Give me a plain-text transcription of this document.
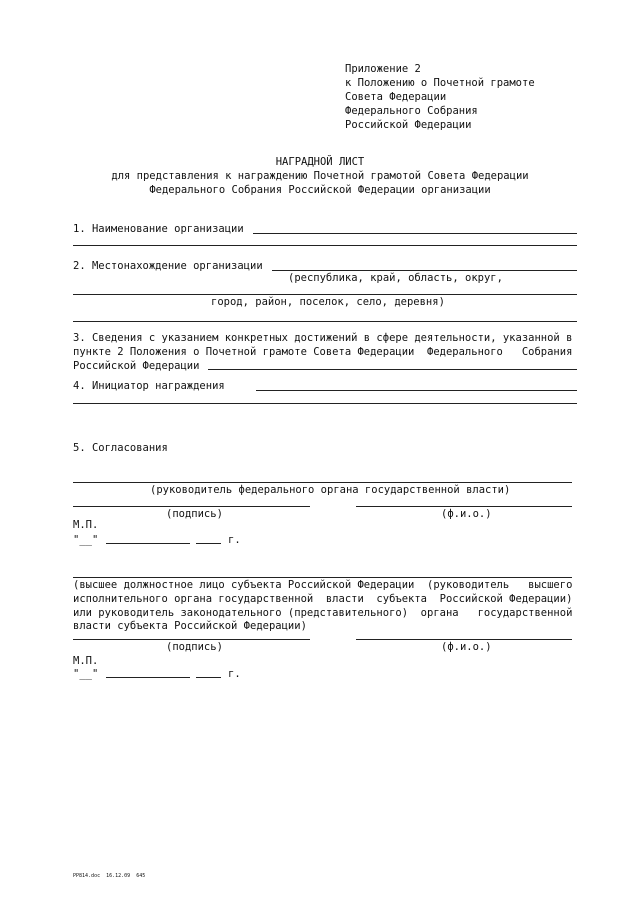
Приложение 2
к Положению о Почетной грамоте
Совета Федерации
Федерального Собрания
Российской Федерации
НАГРАДНОЙ ЛИСТ
для представления к награждению Почетной грамотой Совета Федерации
Федерального Собрания Российской Федерации организации
1. Наименование организации
2. Местонахождение организации
(республика, край, область, округ,
город, район, поселок, село, деревня)
3. Сведения с указанием конкретных достижений в сфере деятельности, указанной в
пункте 2 Положения о Почетной грамоте Совета Федерации  Федерального   Собрания
Российской Федерации
4. Инициатор награждения
5. Согласования
(руководитель федерального органа государственной власти)
(подпись)	(ф.и.о.)
М.П.
"__"	г.
(высшее должностное лицо субъекта Российской Федерации  (руководитель   высшего
исполнительного органа государственной  власти  субъекта  Российской Федерации)
или руководитель законодательного (представительного)  органа   государственной
власти субъекта Российской Федерации)
(подпись)	(ф.и.о.)
М.П.
"__"	г.
PP814.doc  16.12.09  645
